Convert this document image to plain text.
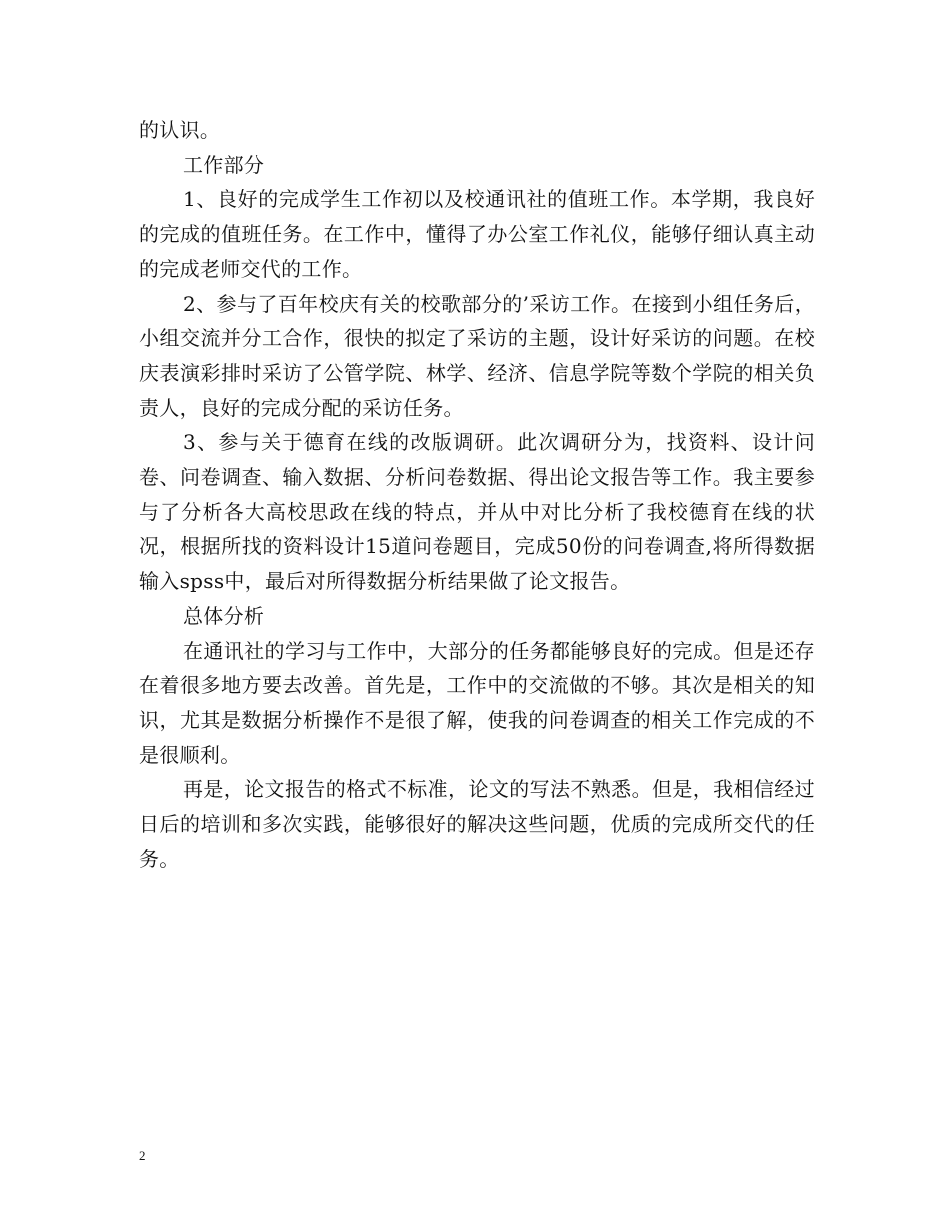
的认识。

工作部分

1、良好的完成学生工作初以及校通讯社的值班工作。本学期，我良好的完成的值班任务。在工作中，懂得了办公室工作礼仪，能够仔细认真主动的完成老师交代的工作。

2、参与了百年校庆有关的校歌部分的’采访工作。在接到小组任务后，小组交流并分工合作，很快的拟定了采访的主题，设计好采访的问题。在校庆表演彩排时采访了公管学院、林学、经济、信息学院等数个学院的相关负责人，良好的完成分配的采访任务。

3、参与关于德育在线的改版调研。此次调研分为，找资料、设计问卷、问卷调查、输入数据、分析问卷数据、得出论文报告等工作。我主要参与了分析各大高校思政在线的特点，并从中对比分析了我校德育在线的状况，根据所找的资料设计15道问卷题目，完成50份的问卷调查,将所得数据输入spss中，最后对所得数据分析结果做了论文报告。

总体分析

在通讯社的学习与工作中，大部分的任务都能够良好的完成。但是还存在着很多地方要去改善。首先是，工作中的交流做的不够。其次是相关的知识，尤其是数据分析操作不是很了解，使我的问卷调查的相关工作完成的不是很顺利。

再是，论文报告的格式不标准，论文的写法不熟悉。但是，我相信经过日后的培训和多次实践，能够很好的解决这些问题，优质的完成所交代的任务。

2
